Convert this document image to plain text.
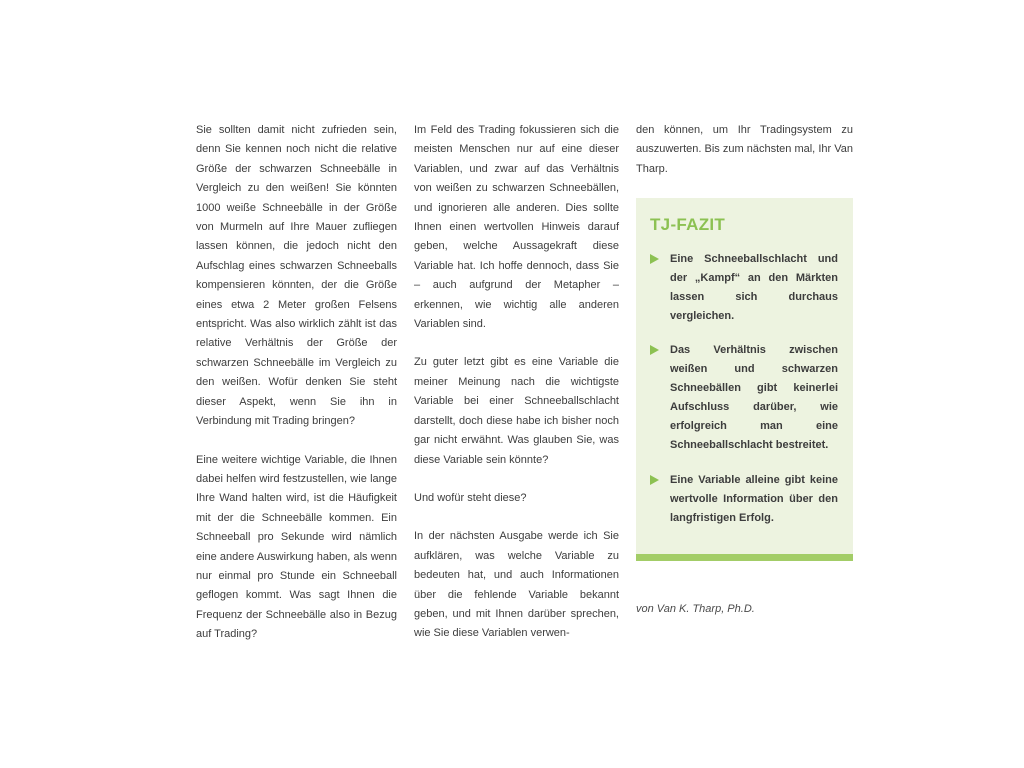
Sie sollten damit nicht zufrieden sein, denn Sie kennen noch nicht die relative Größe der schwarzen Schneebälle in Vergleich zu den weißen! Sie könnten 1000 weiße Schneebälle in der Größe von Murmeln auf Ihre Mauer zufliegen lassen können, die jedoch nicht den Aufschlag eines schwarzen Schneeballs kompensieren könnten, der die Größe eines etwa 2 Meter großen Felsens entspricht. Was also wirklich zählt ist das relative Verhältnis der Größe der schwarzen Schneebälle im Vergleich zu den weißen. Wofür denken Sie steht dieser Aspekt, wenn Sie ihn in Verbindung mit Trading bringen?

Eine weitere wichtige Variable, die Ihnen dabei helfen wird festzustellen, wie lange Ihre Wand halten wird, ist die Häufigkeit mit der die Schneebälle kommen. Ein Schneeball pro Sekunde wird nämlich eine andere Auswirkung haben, als wenn nur einmal pro Stunde ein Schneeball geflogen kommt. Was sagt Ihnen die Frequenz der Schneebälle also in Bezug auf Trading?

Im Feld des Trading fokussieren sich die meisten Menschen nur auf eine dieser Variablen, und zwar auf das Verhältnis von weißen zu schwarzen Schneebällen, und ignorieren alle anderen. Dies sollte Ihnen einen wertvollen Hinweis darauf geben, welche Aussagekraft diese Variable hat. Ich hoffe dennoch, dass Sie – auch aufgrund der Metapher – erkennen, wie wichtig alle anderen Variablen sind.

Zu guter letzt gibt es eine Variable die meiner Meinung nach die wichtigste Variable bei einer Schneeballschlacht darstellt, doch diese habe ich bisher noch gar nicht erwähnt. Was glauben Sie, was diese Variable sein könnte?

Und wofür steht diese?

In der nächsten Ausgabe werde ich Sie aufklären, was welche Variable zu bedeuten hat, und auch Informationen über die fehlende Variable bekannt geben, und mit Ihnen darüber sprechen, wie Sie diese Variablen verwen-

den können, um Ihr Tradingsystem zu auszuwerten. Bis zum nächsten mal, Ihr Van Tharp.

TJ-FAZIT
Eine Schneeballschlacht und der „Kampf“ an den Märkten lassen sich durchaus vergleichen.
Das Verhältnis zwischen weißen und schwarzen Schneebällen gibt keinerlei Aufschluss darüber, wie erfolgreich man eine Schneeballschlacht bestreitet.
Eine Variable alleine gibt keine wertvolle Information über den langfristigen Erfolg.
von Van K. Tharp, Ph.D.
